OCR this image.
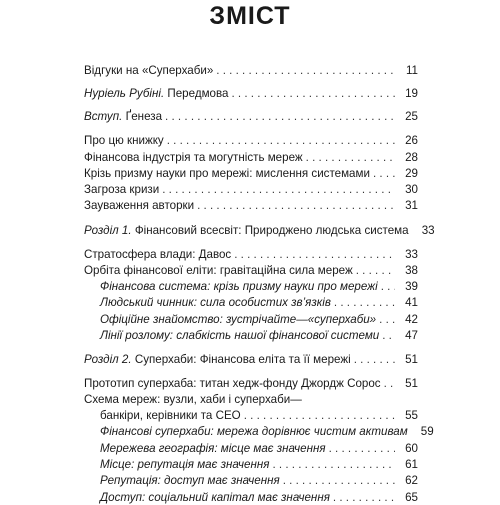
ЗМІСТ
Відгуки на «Суперхаби» . . .	11
Нуріель Рубіні. Передмова . . .	19
Вступ. Ґенеза . . .	25
Про цю книжку . . .	26
Фінансова індустрія та могутність мереж . . .	28
Крізь призму науки про мережі: мислення системами . . .	29
Загроза кризи . . .	30
Зауваження авторки . . .	31
Розділ 1. Фінансовий всесвіт: Природжено людська система	33
Стратосфера влади: Давос . . .	33
Орбіта фінансової еліти: гравітаційна сила мереж . . .	38
Фінансова система: крізь призму науки про мережі . . .	39
Людський чинник: сила особистих зв’язків . . .	41
Офіційне знайомство: зустрічайте—«суперхаби» . . .	42
Лінії розлому: слабкість нашої фінансової системи . . .	47
Розділ 2. Суперхаби: Фінансова еліта та її мережі . . .	51
Прототип суперхаба: титан хедж-фонду Джордж Сорос . . .	51
Схема мереж: вузли, хаби і суперхаби—
банкіри, керівники та CEO . . .	55
Фінансові суперхаби: мережа дорівнює чистим активам	59
Мережева географія: місце має значення . . .	60
Місце: репутація має значення . . .	61
Репутація: доступ має значення . . .	62
Доступ: соціальний капітал має значення . . .	65
